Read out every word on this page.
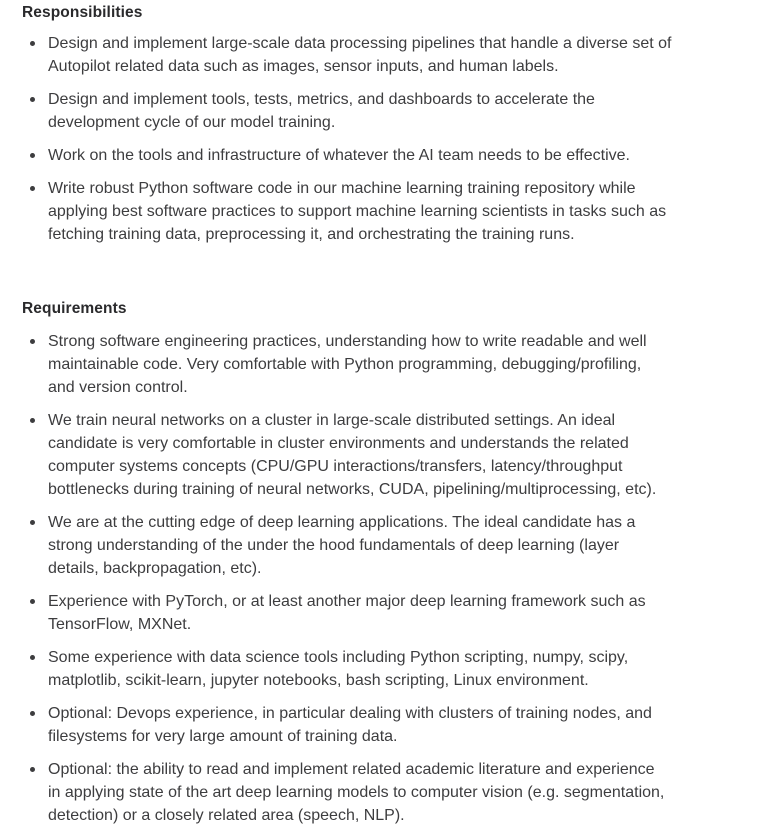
Responsibilities
Design and implement large-scale data processing pipelines that handle a diverse set of
Autopilot related data such as images, sensor inputs, and human labels.
Design and implement tools, tests, metrics, and dashboards to accelerate the
development cycle of our model training.
Work on the tools and infrastructure of whatever the AI team needs to be effective.
Write robust Python software code in our machine learning training repository while
applying best software practices to support machine learning scientists in tasks such as
fetching training data, preprocessing it, and orchestrating the training runs.
Requirements
Strong software engineering practices, understanding how to write readable and well
maintainable code. Very comfortable with Python programming, debugging/profiling,
and version control.
We train neural networks on a cluster in large-scale distributed settings. An ideal
candidate is very comfortable in cluster environments and understands the related
computer systems concepts (CPU/GPU interactions/transfers, latency/throughput
bottlenecks during training of neural networks, CUDA, pipelining/multiprocessing, etc).
We are at the cutting edge of deep learning applications. The ideal candidate has a
strong understanding of the under the hood fundamentals of deep learning (layer
details, backpropagation, etc).
Experience with PyTorch, or at least another major deep learning framework such as
TensorFlow, MXNet.
Some experience with data science tools including Python scripting, numpy, scipy,
matplotlib, scikit-learn, jupyter notebooks, bash scripting, Linux environment.
Optional: Devops experience, in particular dealing with clusters of training nodes, and
filesystems for very large amount of training data.
Optional: the ability to read and implement related academic literature and experience
in applying state of the art deep learning models to computer vision (e.g. segmentation,
detection) or a closely related area (speech, NLP).
